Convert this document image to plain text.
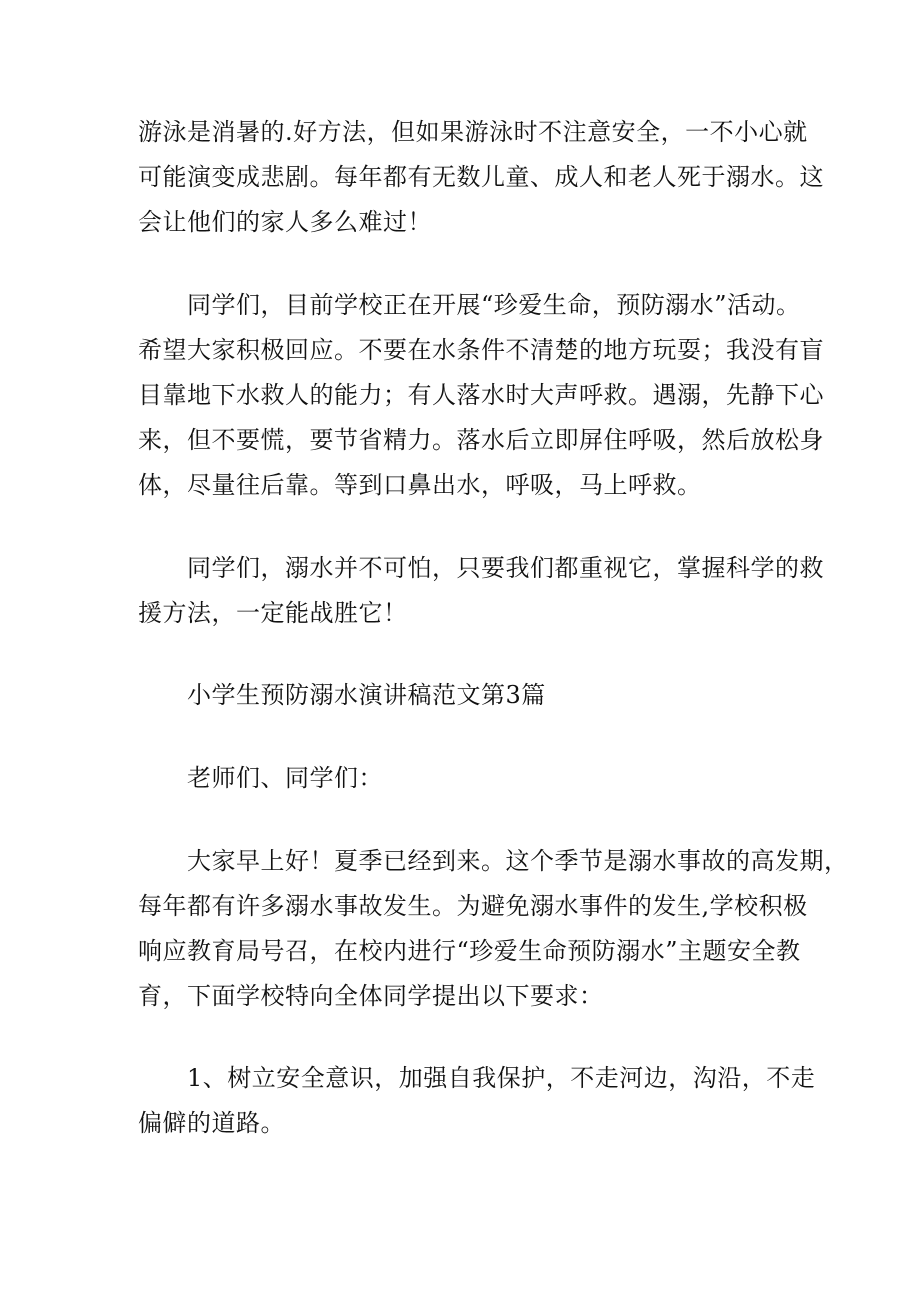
游泳是消暑的.好方法，但如果游泳时不注意安全，一不小心就
可能演变成悲剧。每年都有无数儿童、成人和老人死于溺水。这
会让他们的家人多么难过！
同学们，目前学校正在开展“珍爱生命，预防溺水”活动。
希望大家积极回应。不要在水条件不清楚的地方玩耍；我没有盲
目靠地下水救人的能力；有人落水时大声呼救。遇溺，先静下心
来，但不要慌，要节省精力。落水后立即屏住呼吸，然后放松身
体，尽量往后靠。等到口鼻出水，呼吸，马上呼救。
同学们，溺水并不可怕，只要我们都重视它，掌握科学的救
援方法，一定能战胜它！
小学生预防溺水演讲稿范文第3篇
老师们、同学们：
大家早上好！夏季已经到来。这个季节是溺水事故的高发期，
每年都有许多溺水事故发生。为避免溺水事件的发生,学校积极
响应教育局号召，在校内进行“珍爱生命预防溺水”主题安全教
育，下面学校特向全体同学提出以下要求：
1、树立安全意识，加强自我保护，不走河边，沟沿，不走
偏僻的道路。
